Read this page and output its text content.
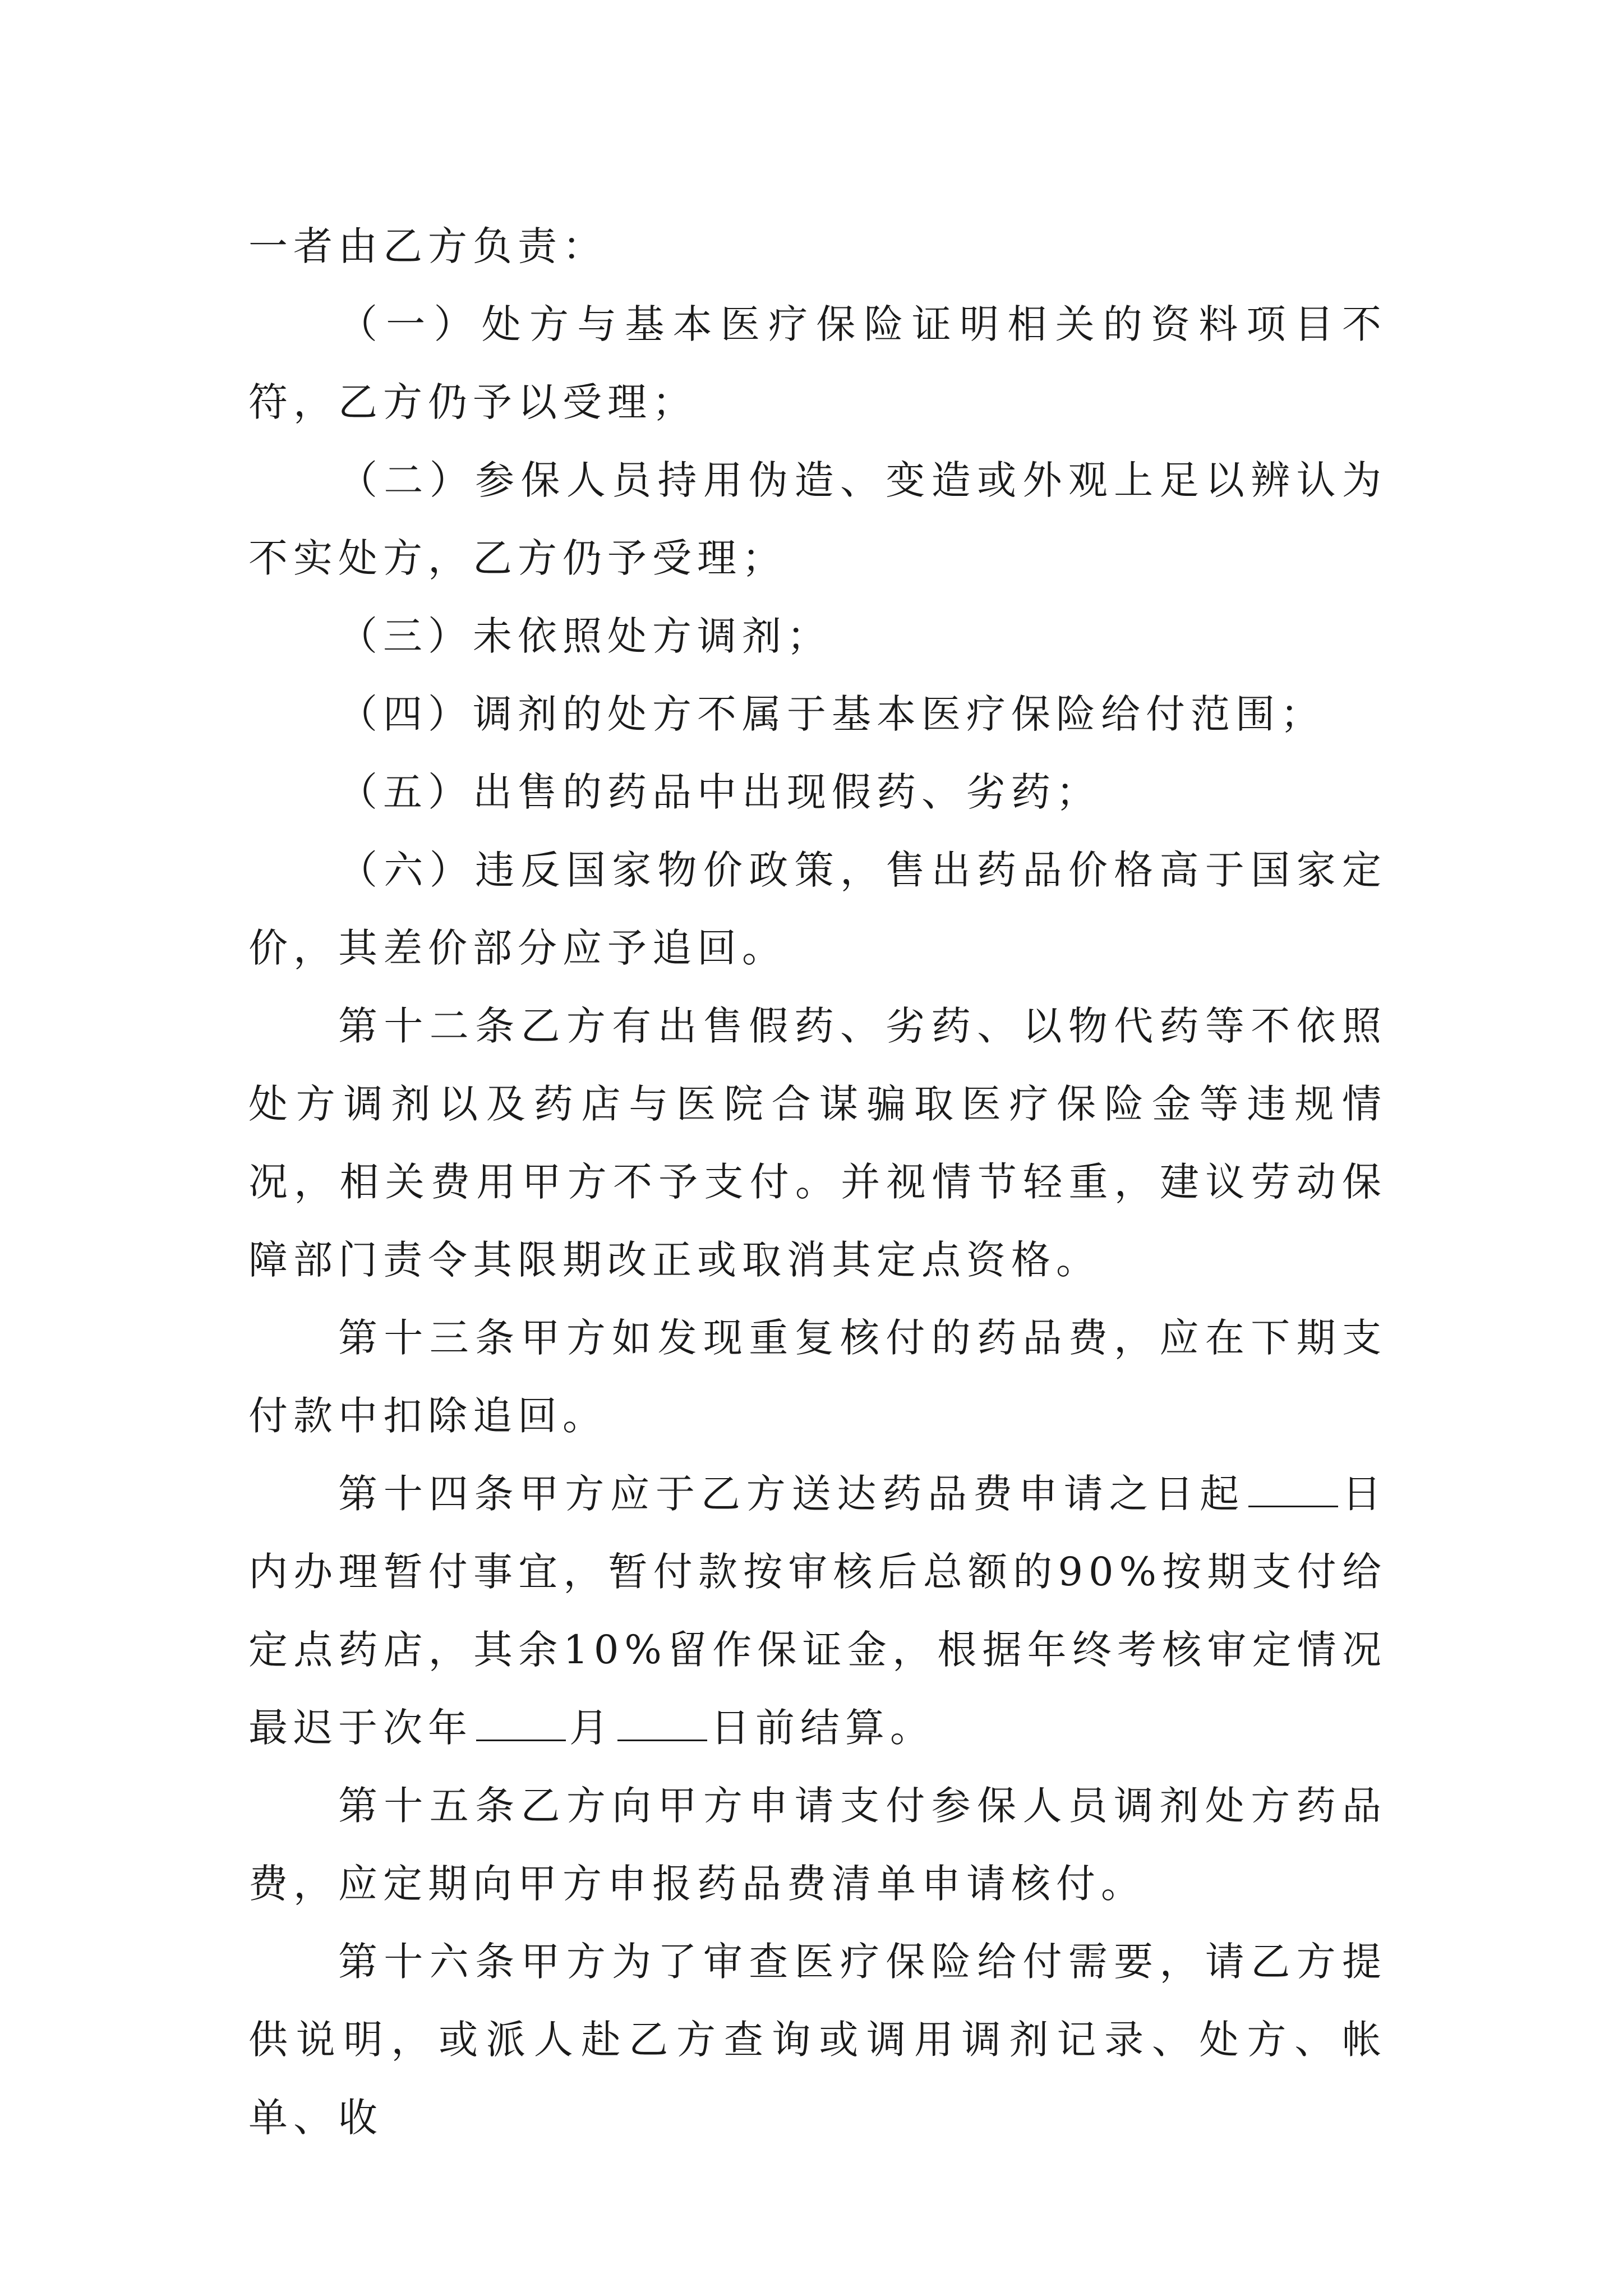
一者由乙方负责：

（一）处方与基本医疗保险证明相关的资料项目不符，乙方仍予以受理；

（二）参保人员持用伪造、变造或外观上足以辨认为不实处方，乙方仍予受理；

（三）未依照处方调剂；

（四）调剂的处方不属于基本医疗保险给付范围；

（五）出售的药品中出现假药、劣药；

（六）违反国家物价政策，售出药品价格高于国家定价，其差价部分应予追回。

第十二条乙方有出售假药、劣药、以物代药等不依照处方调剂以及药店与医院合谋骗取医疗保险金等违规情况，相关费用甲方不予支付。并视情节轻重，建议劳动保障部门责令其限期改正或取消其定点资格。

第十三条甲方如发现重复核付的药品费，应在下期支付款中扣除追回。

第十四条甲方应于乙方送达药品费申请之日起 日内办理暂付事宜，暂付款按审核后总额的90%按期支付给定点药店，其余10%留作保证金，根据年终考核审定情况最迟于次年 月 日前结算。

第十五条乙方向甲方申请支付参保人员调剂处方药品费，应定期向甲方申报药品费清单申请核付。

第十六条甲方为了审查医疗保险给付需要，请乙方提供说明，或派人赴乙方查询或调用调剂记录、处方、帐单、收
